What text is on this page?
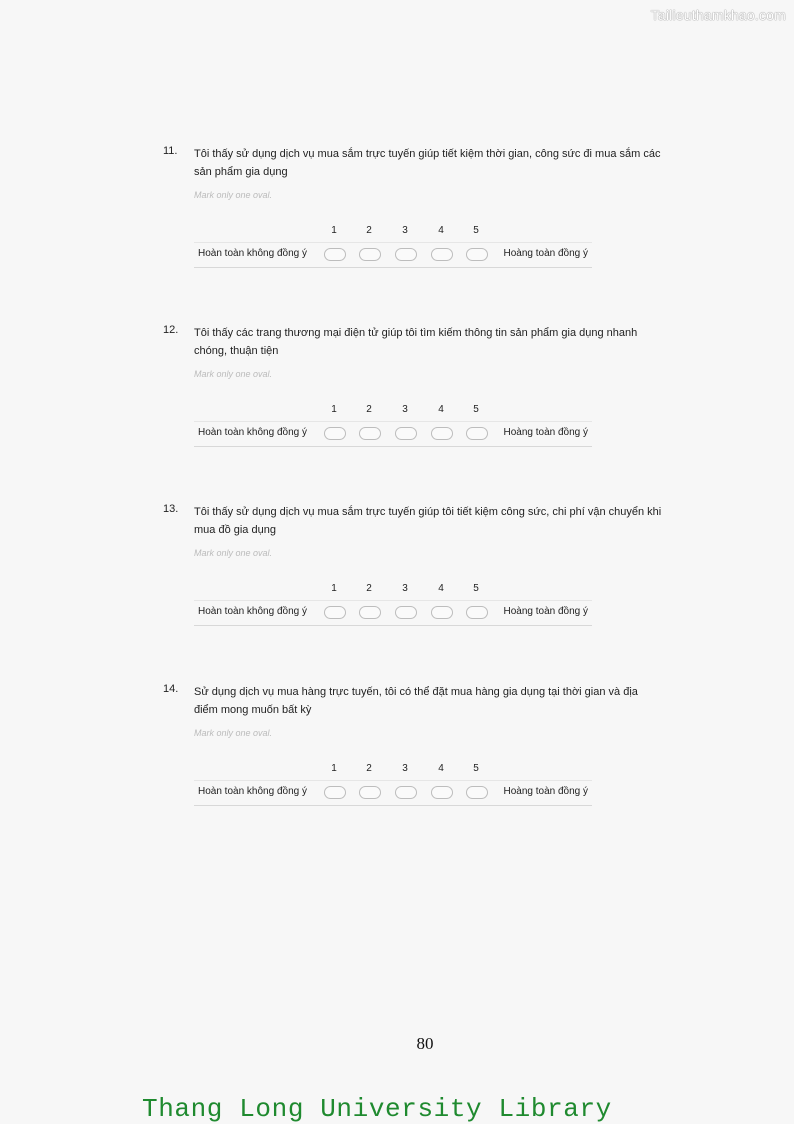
Tailieuthamkhao.com
11. Tôi thấy sử dụng dịch vụ mua sắm trực tuyến giúp tiết kiệm thời gian, công sức đi mua sắm các sản phẩm gia dụng
Mark only one oval.
1	2	3	4	5
Hoàn toàn không đồng ý	Hoàng toàn đồng ý
12. Tôi thấy các trang thương mại điện tử giúp tôi tìm kiếm thông tin sản phẩm gia dụng nhanh chóng, thuận tiện
Mark only one oval.
1	2	3	4	5
Hoàn toàn không đồng ý	Hoàng toàn đồng ý
13. Tôi thấy sử dụng dịch vụ mua sắm trực tuyến giúp tôi tiết kiệm công sức, chi phí vận chuyển khi mua đồ gia dụng
Mark only one oval.
1	2	3	4	5
Hoàn toàn không đồng ý	Hoàng toàn đồng ý
14. Sử dụng dịch vụ mua hàng trực tuyến, tôi có thể đặt mua hàng gia dụng tại thời gian và địa điểm mong muốn bất kỳ
Mark only one oval.
1	2	3	4	5
Hoàn toàn không đồng ý	Hoàng toàn đồng ý
80
Thang Long University Library
